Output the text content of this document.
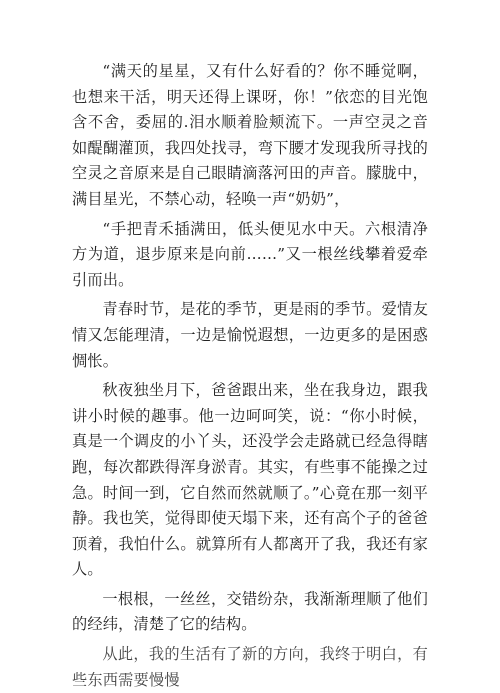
“满天的星星，又有什么好看的？你不睡觉啊，也想来干活，明天还得上课呀，你！”依恋的目光饱含不舍，委屈的.泪水顺着脸颊流下。一声空灵之音如醍醐灌顶，我四处找寻，弯下腰才发现我所寻找的空灵之音原来是自己眼睛滴落河田的声音。朦胧中，满目星光，不禁心动，轻唤一声“奶奶”，

“手把青禾插满田，低头便见水中天。六根清净方为道，退步原来是向前……”又一根丝线攀着爱牵引而出。

青春时节，是花的季节，更是雨的季节。爱情友情又怎能理清，一边是愉悦遐想，一边更多的是困惑惆怅。

秋夜独坐月下，爸爸跟出来，坐在我身边，跟我讲小时候的趣事。他一边呵呵笑，说：“你小时候，真是一个调皮的小丫头，还没学会走路就已经急得瞎跑，每次都跌得浑身淤青。其实，有些事不能操之过急。时间一到，它自然而然就顺了。”心竟在那一刻平静。我也笑，觉得即使天塌下来，还有高个子的爸爸顶着，我怕什么。就算所有人都离开了我，我还有家人。

一根根，一丝丝，交错纷杂，我渐渐理顺了他们的经纬，清楚了它的结构。

从此，我的生活有了新的方向，我终于明白，有些东西需要慢慢
